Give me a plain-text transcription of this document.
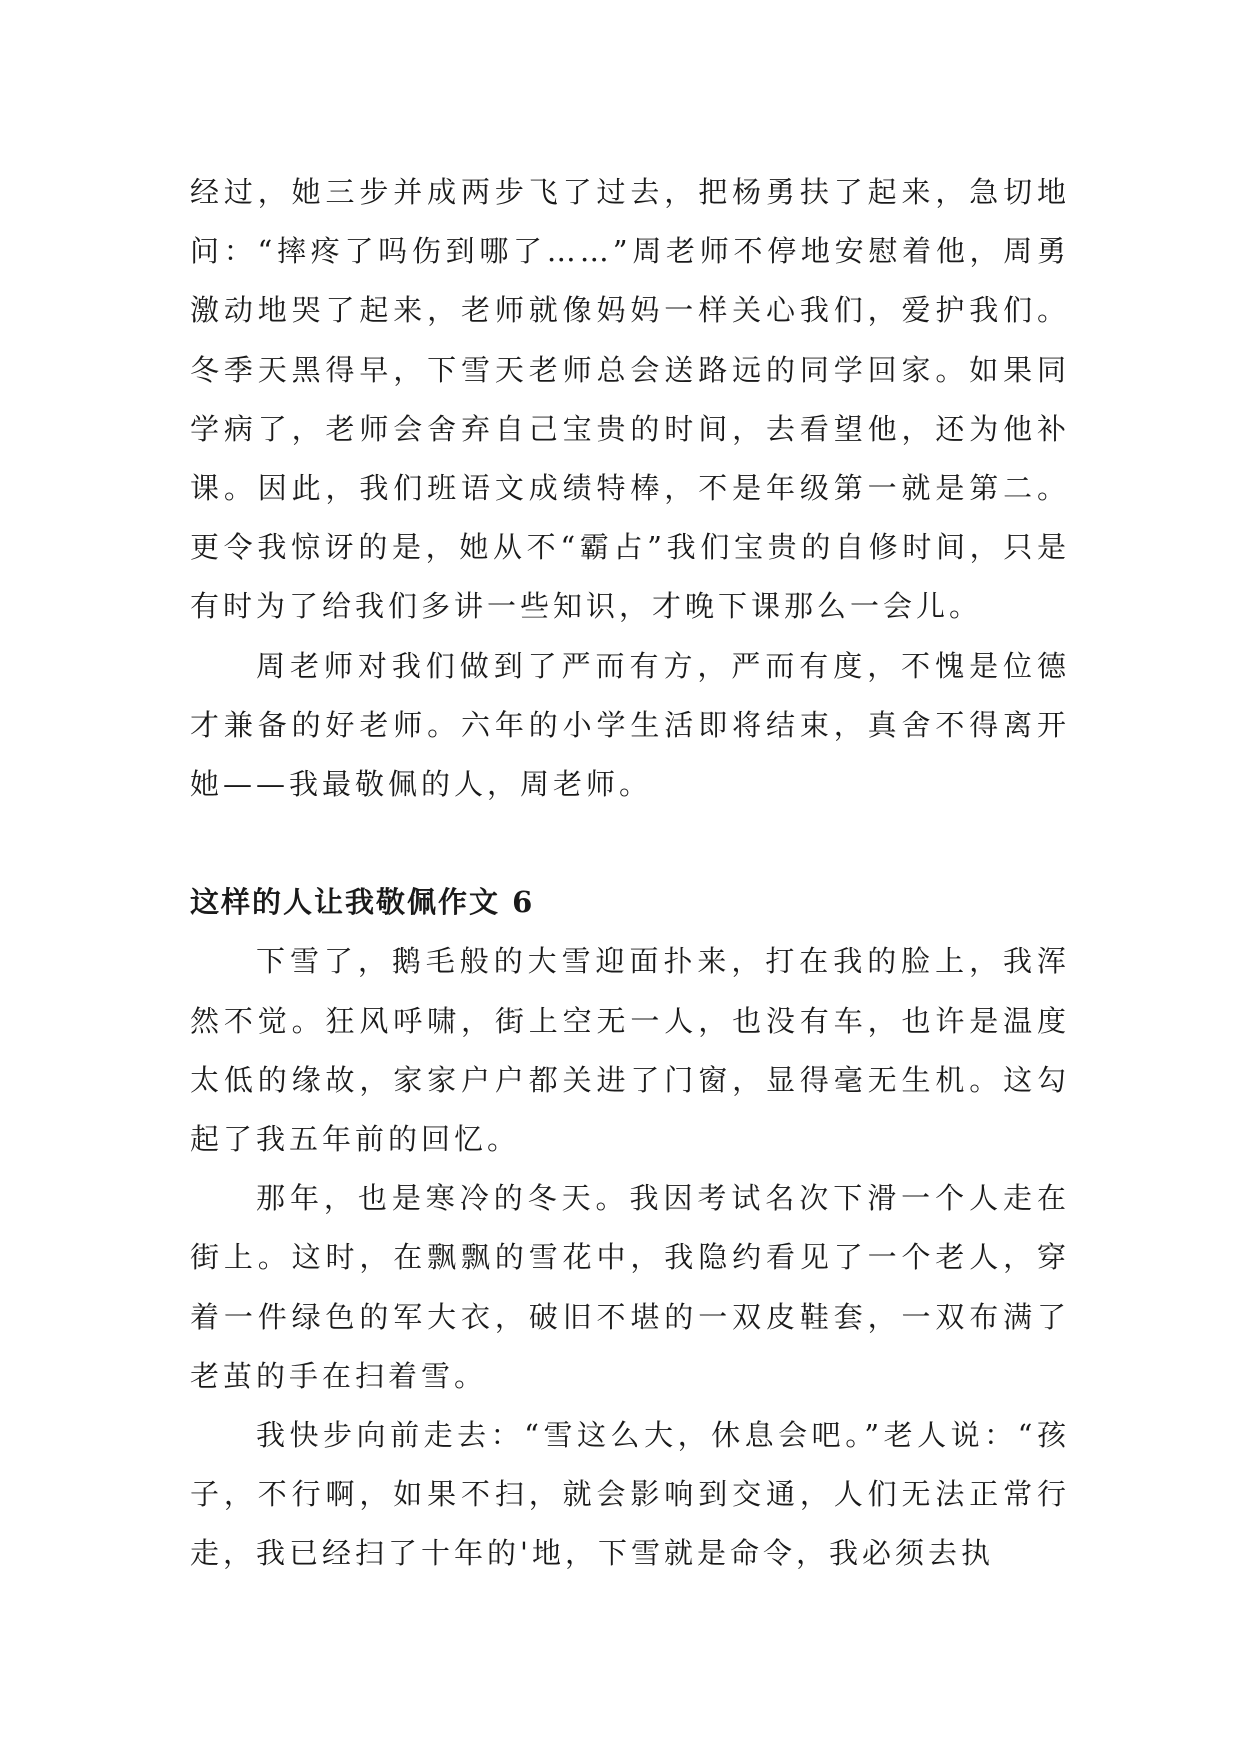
经过，她三步并成两步飞了过去，把杨勇扶了起来，急切地问：“摔疼了吗伤到哪了……”周老师不停地安慰着他，周勇激动地哭了起来，老师就像妈妈一样关心我们，爱护我们。冬季天黑得早，下雪天老师总会送路远的同学回家。如果同学病了，老师会舍弃自己宝贵的时间，去看望他，还为他补课。因此，我们班语文成绩特棒，不是年级第一就是第二。更令我惊讶的是，她从不“霸占”我们宝贵的自修时间，只是有时为了给我们多讲一些知识，才晚下课那么一会儿。

周老师对我们做到了严而有方，严而有度，不愧是位德才兼备的好老师。六年的小学生活即将结束，真舍不得离开她——我最敬佩的人，周老师。

这样的人让我敬佩作文 6

下雪了，鹅毛般的大雪迎面扑来，打在我的脸上，我浑然不觉。狂风呼啸，街上空无一人，也没有车，也许是温度太低的缘故，家家户户都关进了门窗，显得毫无生机。这勾起了我五年前的回忆。

那年，也是寒冷的冬天。我因考试名次下滑一个人走在街上。这时，在飘飘的雪花中，我隐约看见了一个老人，穿着一件绿色的军大衣，破旧不堪的一双皮鞋套，一双布满了老茧的手在扫着雪。

我快步向前走去：“雪这么大，休息会吧。”老人说：“孩子，不行啊，如果不扫，就会影响到交通，人们无法正常行走，我已经扫了十年的'地，下雪就是命令，我必须去执
